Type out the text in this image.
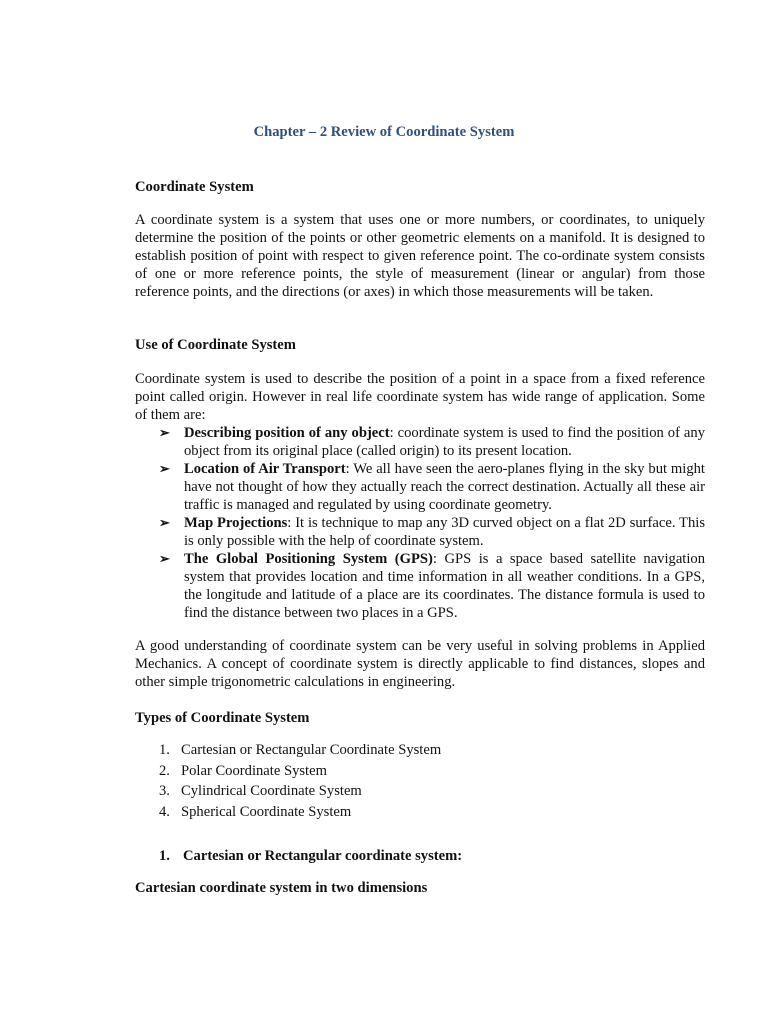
Chapter – 2 Review of Coordinate System

Coordinate System

A coordinate system is a system that uses one or more numbers, or coordinates, to uniquely determine the position of the points or other geometric elements on a manifold. It is designed to establish position of point with respect to given reference point. The co-ordinate system consists of one or more reference points, the style of measurement (linear or angular) from those reference points, and the directions (or axes) in which those measurements will be taken.

Use of Coordinate System

Coordinate system is used to describe the position of a point in a space from a fixed reference point called origin. However in real life coordinate system has wide range of application. Some of them are:

➢ Describing position of any object: coordinate system is used to find the position of any object from its original place (called origin) to its present location.
➢ Location of Air Transport: We all have seen the aero-planes flying in the sky but might have not thought of how they actually reach the correct destination. Actually all these air traffic is managed and regulated by using coordinate geometry.
➢ Map Projections: It is technique to map any 3D curved object on a flat 2D surface. This is only possible with the help of coordinate system.
➢ The Global Positioning System (GPS): GPS is a space based satellite navigation system that provides location and time information in all weather conditions. In a GPS, the longitude and latitude of a place are its coordinates. The distance formula is used to find the distance between two places in a GPS.

A good understanding of coordinate system can be very useful in solving problems in Applied Mechanics. A concept of coordinate system is directly applicable to find distances, slopes and other simple trigonometric calculations in engineering.

Types of Coordinate System

1. Cartesian or Rectangular Coordinate System
2. Polar Coordinate System
3. Cylindrical Coordinate System
4. Spherical Coordinate System

1. Cartesian or Rectangular coordinate system:

Cartesian coordinate system in two dimensions
